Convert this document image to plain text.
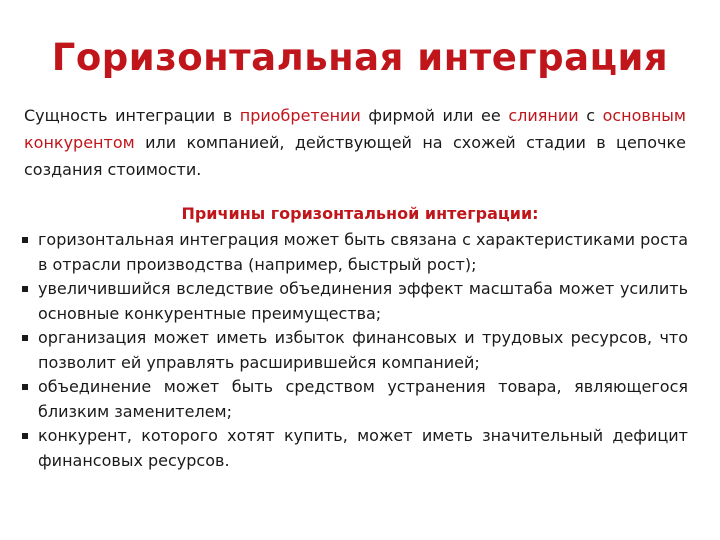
Горизонтальная интеграция

Сущность интеграции в приобретении фирмой или ее слиянии с основным конкурентом или компанией, действующей на схожей стадии в цепочке создания стоимости.

Причины горизонтальной интеграции:
горизонтальная интеграция может быть связана с характеристиками роста в отрасли производства (например, быстрый рост);
увеличившийся вследствие объединения эффект масштаба может усилить основные конкурентные преимущества;
организация может иметь избыток финансовых и трудовых ресурсов, что позволит ей управлять расширившейся компанией;
объединение может быть средством устранения товара, являющегося близким заменителем;
конкурент, которого хотят купить, может иметь значительный дефицит финансовых ресурсов.
